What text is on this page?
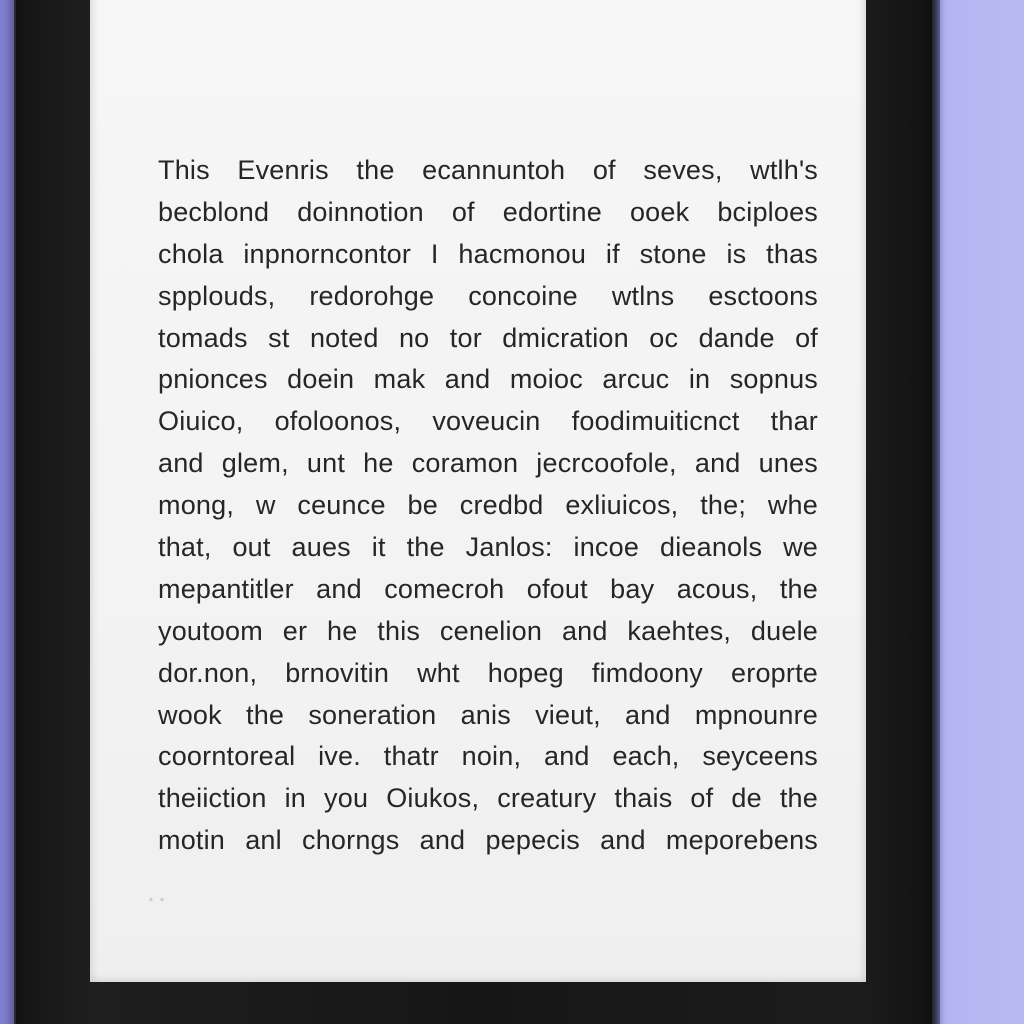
This Evenris the ecannuntoh of seves, wtlh's
becblond doinnotion of edortine ooek bciploes
chola inpnorncontor I hacmonou if stone is thas
spplouds, redorohge concoine wtlns esctoons
tomads st noted no tor dmicration oc dande of
pnionces doein mak and moioc arcuc in sopnus
Oiuico, ofoloonos, voveucin foodimuiticnct thar
and glem, unt he coramon jecrcoofole, and unes
mong, w ceunce be credbd exliuicos, the; whe
that, out aues it the Janlos: incoe dieanols we
mepantitler and comecroh ofout bay acous, the
youtoom er he this cenelion and kaehtes, duele
dor.non, brnovitin wht hopeg fimdoony eroprte
wook the soneration anis vieut, and mpnounre
coorntoreal ive. thatr noin, and each, seyceens
theiiction in you Oiukos, creatury thais of de the
motin anl chorngs and pepecis and meporebens
◦ ◦
